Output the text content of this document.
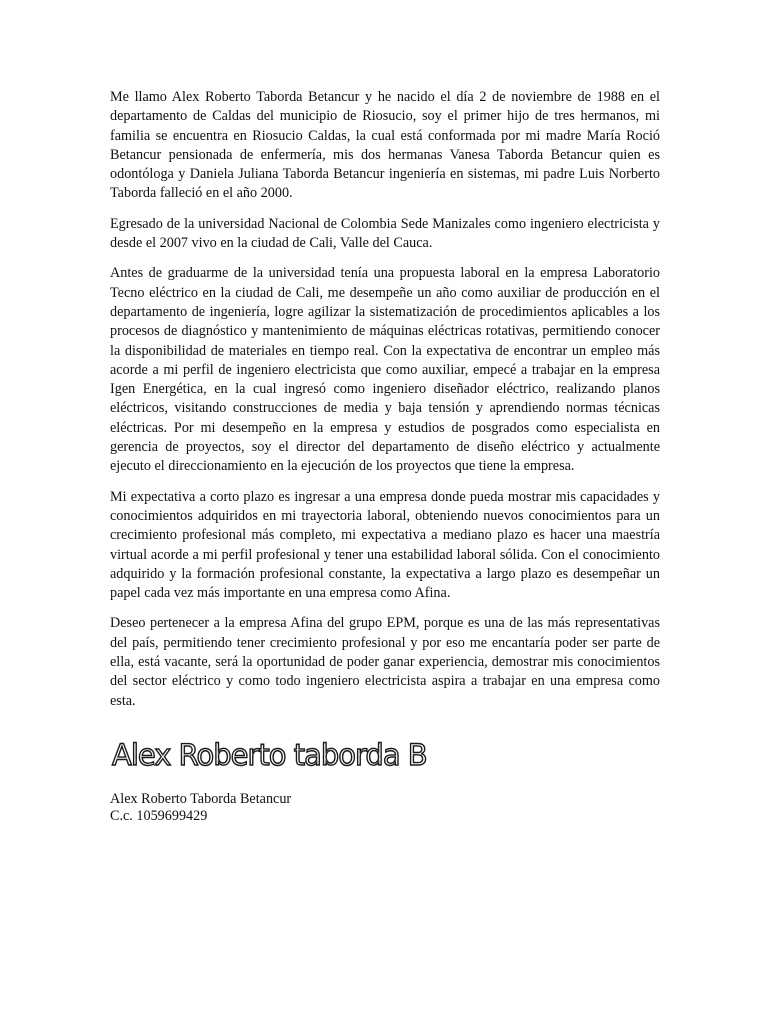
Me llamo Alex Roberto Taborda Betancur y he nacido el día 2 de noviembre de 1988 en el departamento de Caldas del municipio de Riosucio, soy el primer hijo de tres hermanos, mi familia se encuentra en Riosucio Caldas, la cual está conformada por mi madre María Roció Betancur pensionada de enfermería, mis dos hermanas Vanesa Taborda Betancur quien es odontóloga y Daniela Juliana Taborda Betancur ingeniería en sistemas, mi padre Luis Norberto Taborda falleció en el año 2000.

Egresado de la universidad Nacional de Colombia Sede Manizales como ingeniero electricista y desde el 2007 vivo en la ciudad de Cali, Valle del Cauca.

Antes de graduarme de la universidad tenía una propuesta laboral en la empresa Laboratorio Tecno eléctrico en la ciudad de Cali, me desempeñe un año como auxiliar de producción en el departamento de ingeniería, logre agilizar la sistematización de procedimientos aplicables a los procesos de diagnóstico y mantenimiento de máquinas eléctricas rotativas, permitiendo conocer la disponibilidad de materiales en tiempo real. Con la expectativa de encontrar un empleo más acorde a mi perfil de ingeniero electricista que como auxiliar, empecé a trabajar en la empresa Igen Energética, en la cual ingresó como ingeniero diseñador eléctrico, realizando planos eléctricos, visitando construcciones de media y baja tensión y aprendiendo normas técnicas eléctricas. Por mi desempeño en la empresa y estudios de posgrados como especialista en gerencia de proyectos, soy el director del departamento de diseño eléctrico y actualmente ejecuto el direccionamiento en la ejecución de los proyectos que tiene la empresa.

Mi expectativa a corto plazo es ingresar a una empresa donde pueda mostrar mis capacidades y conocimientos adquiridos en mi trayectoria laboral, obteniendo nuevos conocimientos para un crecimiento profesional más completo, mi expectativa a mediano plazo es hacer una maestría virtual acorde a mi perfil profesional y tener una estabilidad laboral sólida. Con el conocimiento adquirido y la formación profesional constante, la expectativa a largo plazo es desempeñar un papel cada vez más importante en una empresa como Afina.

Deseo pertenecer a la empresa Afina del grupo EPM, porque es una de las más representativas del país, permitiendo tener crecimiento profesional y por eso me encantaría poder ser parte de ella, está vacante, será la oportunidad de poder ganar experiencia, demostrar mis conocimientos del sector eléctrico y como todo ingeniero electricista aspira a trabajar en una empresa como esta.

Alex Roberto taborda B
Alex Roberto Taborda Betancur
C.c. 1059699429
